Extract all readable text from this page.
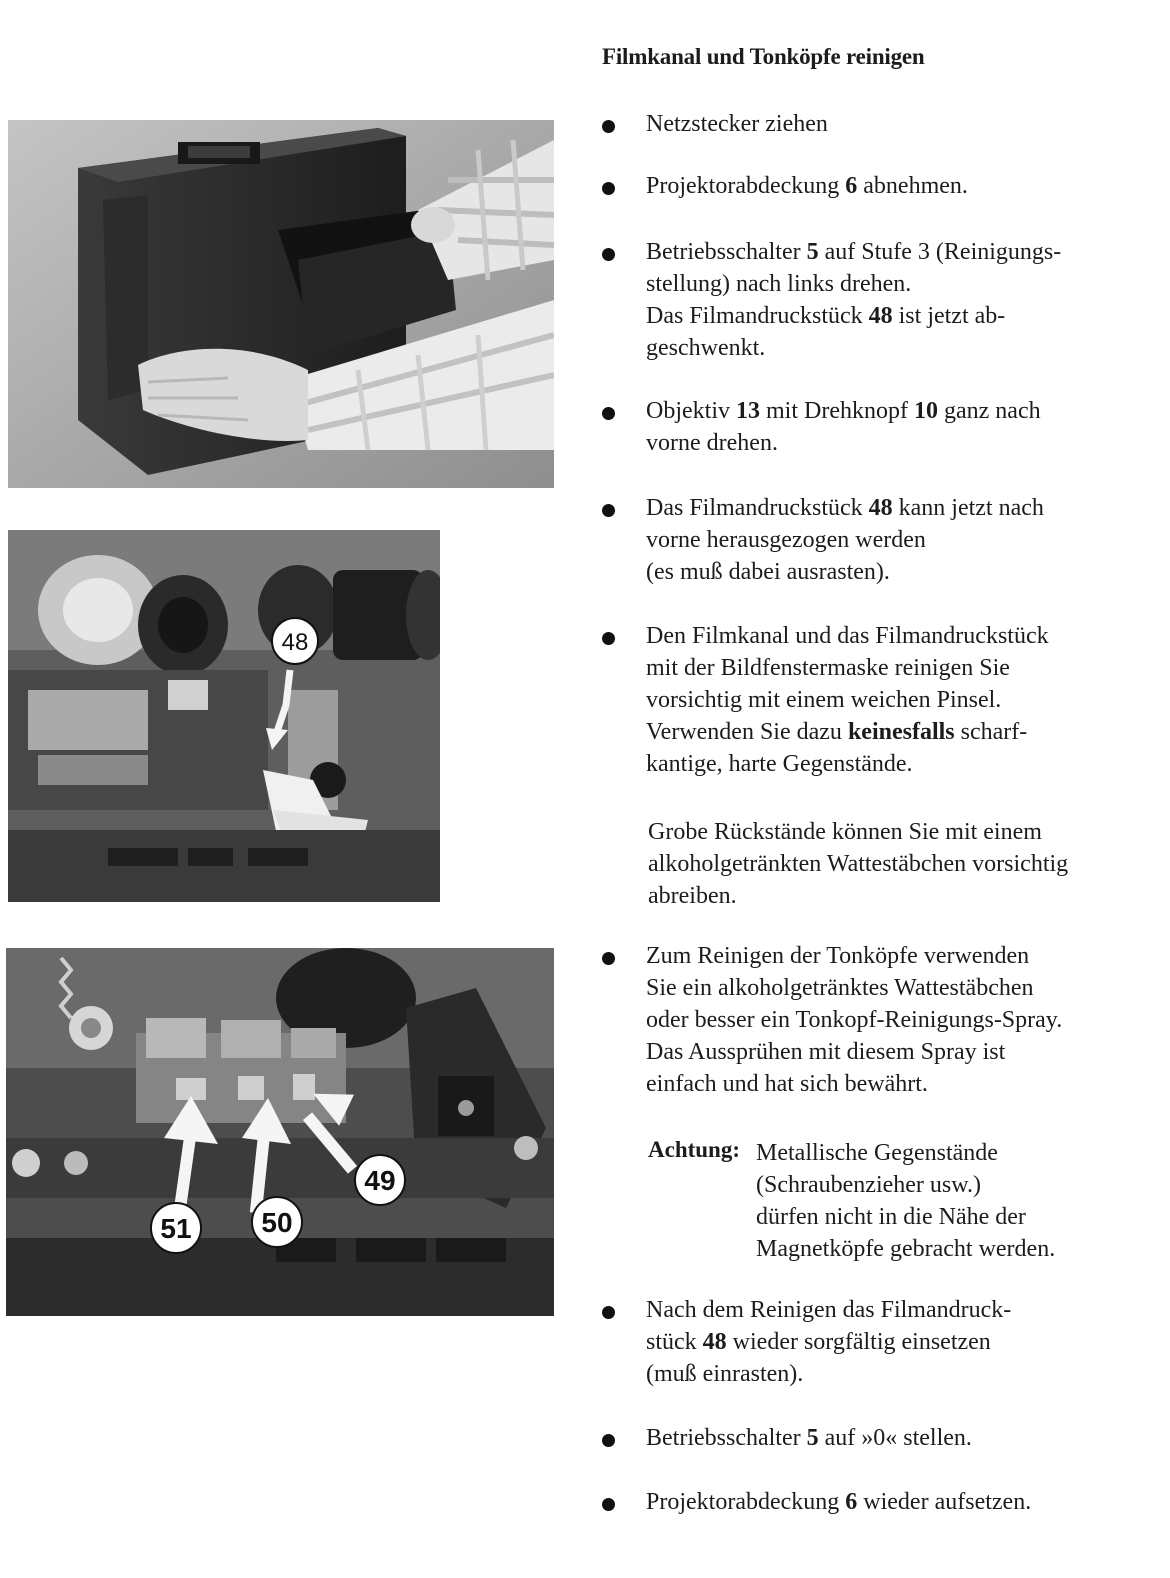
48
49
50
51
Filmkanal und Tonköpfe reinigen
Netzstecker ziehen
Projektorabdeckung 6 abnehmen.
Betriebsschalter 5 auf Stufe 3 (Reinigungs-
stellung) nach links drehen.
Das Filmandruckstück 48 ist jetzt ab-
geschwenkt.
Objektiv 13 mit Drehknopf 10 ganz nach
vorne drehen.
Das Filmandruckstück 48 kann jetzt nach
vorne herausgezogen werden
(es muß dabei ausrasten).
Den Filmkanal und das Filmandruckstück
mit der Bildfenstermaske reinigen Sie
vorsichtig mit einem weichen Pinsel.
Verwenden Sie dazu keinesfalls scharf-
kantige, harte Gegenstände.
Zum Reinigen der Tonköpfe verwenden
Sie ein alkoholgetränktes Wattestäbchen
oder besser ein Tonkopf-Reinigungs-Spray.
Das Aussprühen mit diesem Spray ist
einfach und hat sich bewährt.
Nach dem Reinigen das Filmandruck-
stück 48 wieder sorgfältig einsetzen
(muß einrasten).
Betriebsschalter 5 auf »0« stellen.
Projektorabdeckung 6 wieder aufsetzen.
Grobe Rückstände können Sie mit einem
alkoholgetränkten Wattestäbchen vorsichtig
abreiben.
Achtung: Metallische Gegenstände
(Schraubenzieher usw.)
dürfen nicht in die Nähe der
Magnetköpfe gebracht werden.
